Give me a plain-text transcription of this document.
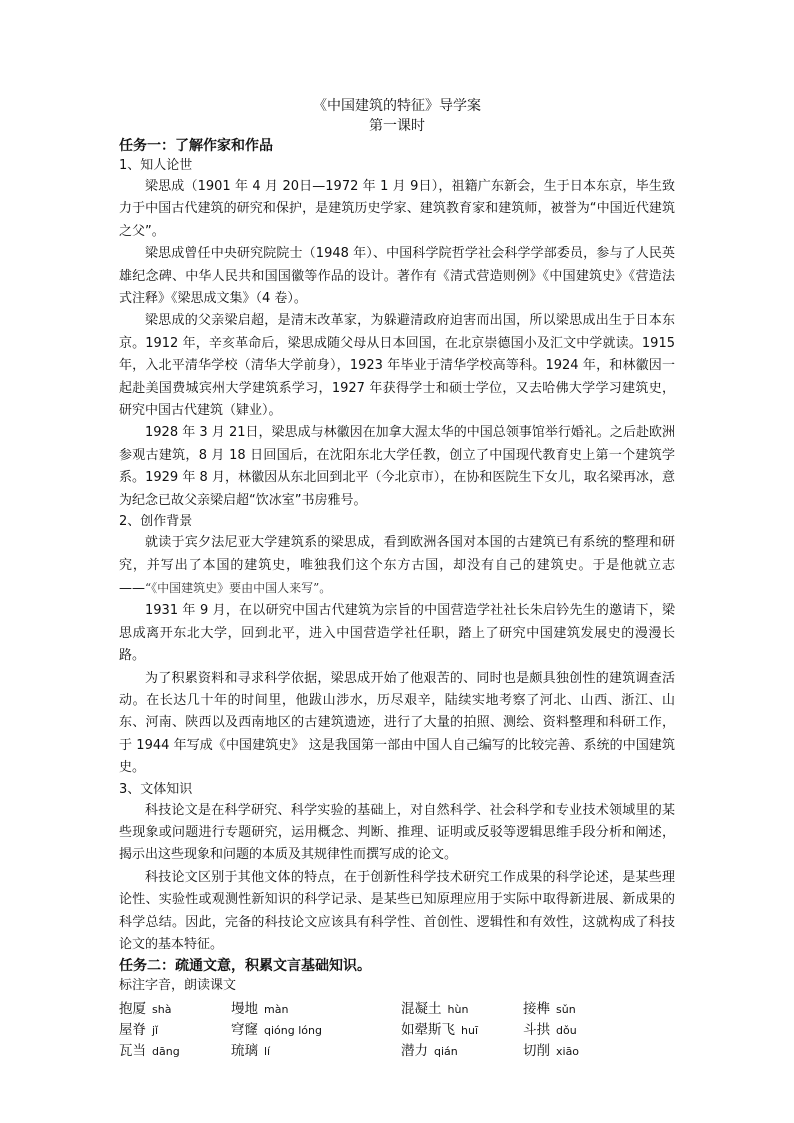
《中国建筑的特征》导学案

第一课时

任务一：了解作家和作品

1、知人论世

梁思成（1901 年 4 月 20日—1972 年 1 月 9日），祖籍广东新会，生于日本东京，毕生致力于中国古代建筑的研究和保护，是建筑历史学家、建筑教育家和建筑师，被誉为“中国近代建筑之父”。

梁思成曾任中央研究院院士（1948 年）、中国科学院哲学社会科学学部委员，参与了人民英雄纪念碑、中华人民共和国国徽等作品的设计。著作有《清式营造则例》《中国建筑史》《营造法式注释》《梁思成文集》（4 卷）。

梁思成的父亲梁启超，是清末改革家，为躲避清政府迫害而出国，所以梁思成出生于日本东京。1912 年，辛亥革命后，梁思成随父母从日本回国，在北京崇德国小及汇文中学就读。1915 年，入北平清华学校（清华大学前身），1923 年毕业于清华学校高等科。1924 年，和林徽因一起赴美国费城宾州大学建筑系学习，1927 年获得学士和硕士学位，又去哈佛大学学习建筑史，研究中国古代建筑（肄业）。

1928 年 3 月 21日，梁思成与林徽因在加拿大渥太华的中国总领事馆举行婚礼。之后赴欧洲参观古建筑，8 月 18 日回国后，在沈阳东北大学任教，创立了中国现代教育史上第一个建筑学系。1929 年 8 月，林徽因从东北回到北平（今北京市），在协和医院生下女儿，取名梁再冰，意为纪念已故父亲梁启超“饮冰室”书房雅号。

2、创作背景

就读于宾夕法尼亚大学建筑系的梁思成，看到欧洲各国对本国的古建筑已有系统的整理和研究，并写出了本国的建筑史，唯独我们这个东方古国，却没有自己的建筑史。于是他就立志——“《中国建筑史》要由中国人来写”。

1931 年 9 月，在以研究中国古代建筑为宗旨的中国营造学社社长朱启钤先生的邀请下，梁思成离开东北大学，回到北平，进入中国营造学社任职，踏上了研究中国建筑发展史的漫漫长路。

为了积累资料和寻求科学依据，梁思成开始了他艰苦的、同时也是颇具独创性的建筑调查活动。在长达几十年的时间里，他跋山涉水，历尽艰辛，陆续实地考察了河北、山西、浙江、山东、河南、陕西以及西南地区的古建筑遗迹，进行了大量的拍照、测绘、资料整理和科研工作，于 1944 年写成《中国建筑史》 这是我国第一部由中国人自己编写的比较完善、系统的中国建筑史。

3、文体知识

科技论文是在科学研究、科学实验的基础上，对自然科学、社会科学和专业技术领域里的某些现象或问题进行专题研究，运用概念、判断、推理、证明或反驳等逻辑思维手段分析和阐述，揭示出这些现象和问题的本质及其规律性而撰写成的论文。

科技论文区别于其他文体的特点，在于创新性科学技术研究工作成果的科学论述，是某些理论性、实验性或观测性新知识的科学记录、是某些已知原理应用于实际中取得新进展、新成果的科学总结。因此，完备的科技论文应该具有科学性、首创性、逻辑性和有效性，这就构成了科技论文的基本特征。

任务二：疏通文意，积累文言基础知识。

标注字音，朗读课文

抱厦 shà	墁地 màn	混凝土 hùn	接榫 sǔn
屋脊 jǐ	穹窿 qióng lóng	如翚斯飞 huī	斗拱 dǒu
瓦当 dāng	琉璃 lí	潜力 qián	切削 xiāo
